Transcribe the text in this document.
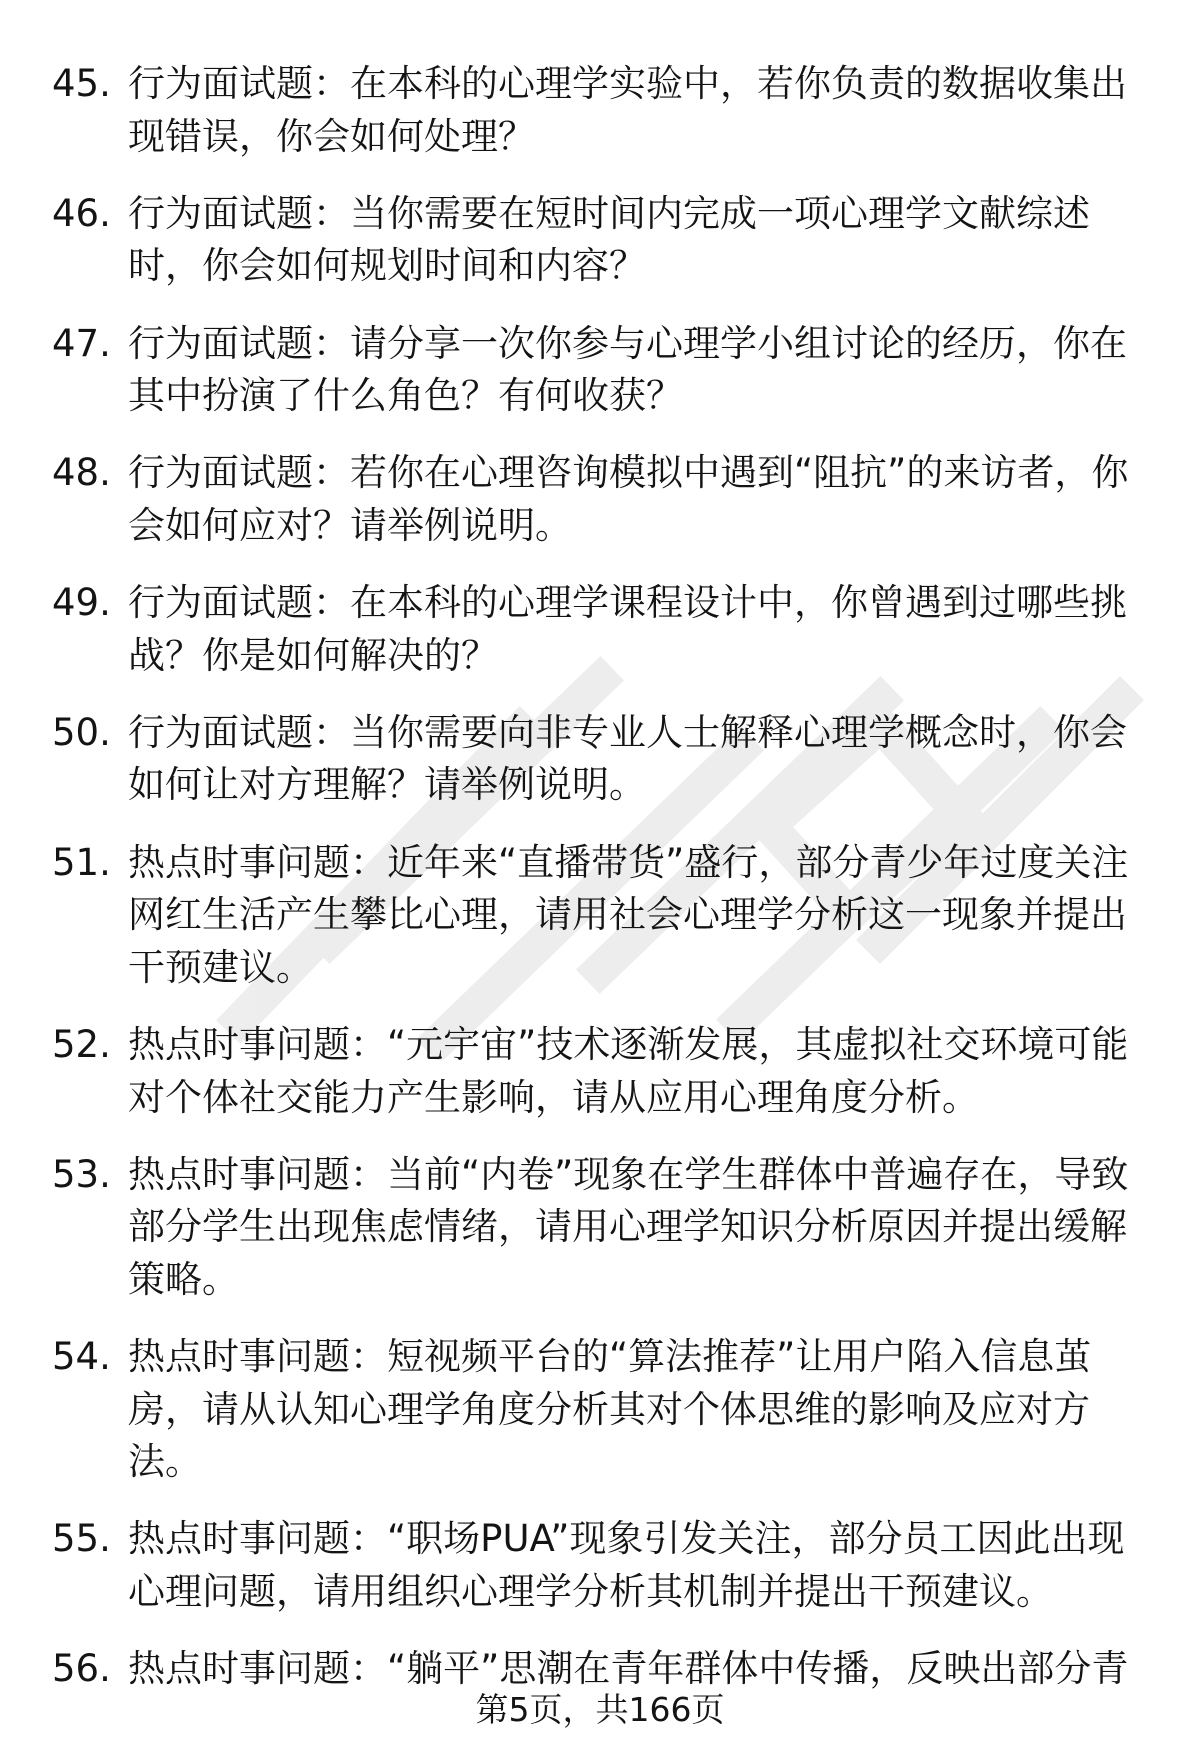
45. 行为面试题：在本科的心理学实验中，若你负责的数据收集出现错误，你会如何处理？
46. 行为面试题：当你需要在短时间内完成一项心理学文献综述时，你会如何规划时间和内容？
47. 行为面试题：请分享一次你参与心理学小组讨论的经历，你在其中扮演了什么角色？有何收获？
48. 行为面试题：若你在心理咨询模拟中遇到“阻抗”的来访者，你会如何应对？请举例说明。
49. 行为面试题：在本科的心理学课程设计中，你曾遇到过哪些挑战？你是如何解决的？
50. 行为面试题：当你需要向非专业人士解释心理学概念时，你会如何让对方理解？请举例说明。
51. 热点时事问题：近年来“直播带货”盛行，部分青少年过度关注网红生活产生攀比心理，请用社会心理学分析这一现象并提出干预建议。
52. 热点时事问题：“元宇宙”技术逐渐发展，其虚拟社交环境可能对个体社交能力产生影响，请从应用心理角度分析。
53. 热点时事问题：当前“内卷”现象在学生群体中普遍存在，导致部分学生出现焦虑情绪，请用心理学知识分析原因并提出缓解策略。
54. 热点时事问题：短视频平台的“算法推荐”让用户陷入信息茧房，请从认知心理学角度分析其对个体思维的影响及应对方法。
55. 热点时事问题：“职场PUA”现象引发关注，部分员工因此出现心理问题，请用组织心理学分析其机制并提出干预建议。
56. 热点时事问题：“躺平”思潮在青年群体中传播，反映出部分青
第5页，共166页
